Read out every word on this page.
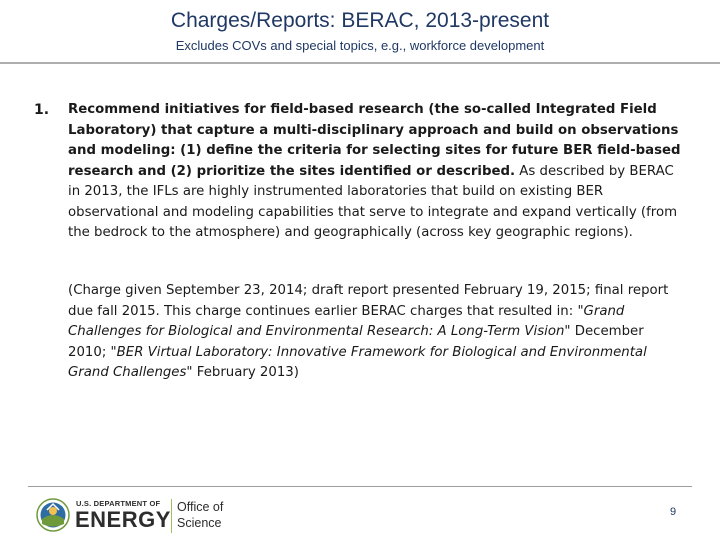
Charges/Reports: BERAC, 2013-present
Excludes COVs and special topics, e.g., workforce development
1. Recommend initiatives for field-based research (the so-called Integrated Field Laboratory) that capture a multi-disciplinary approach and build on observations and modeling: (1) define the criteria for selecting sites for future BER field-based research and (2) prioritize the sites identified or described. As described by BERAC in 2013, the IFLs are highly instrumented laboratories that build on existing BER observational and modeling capabilities that serve to integrate and expand vertically (from the bedrock to the atmosphere) and geographically (across key geographic regions).
(Charge given September 23, 2014; draft report presented February 19, 2015; final report due fall 2015. This charge continues earlier BERAC charges that resulted in: "Grand Challenges for Biological and Environmental Research: A Long-Term Vision" December 2010; "BER Virtual Laboratory: Innovative Framework for Biological and Environmental Grand Challenges" February 2013)
U.S. DEPARTMENT OF
ENERGY Office of
Science
9
